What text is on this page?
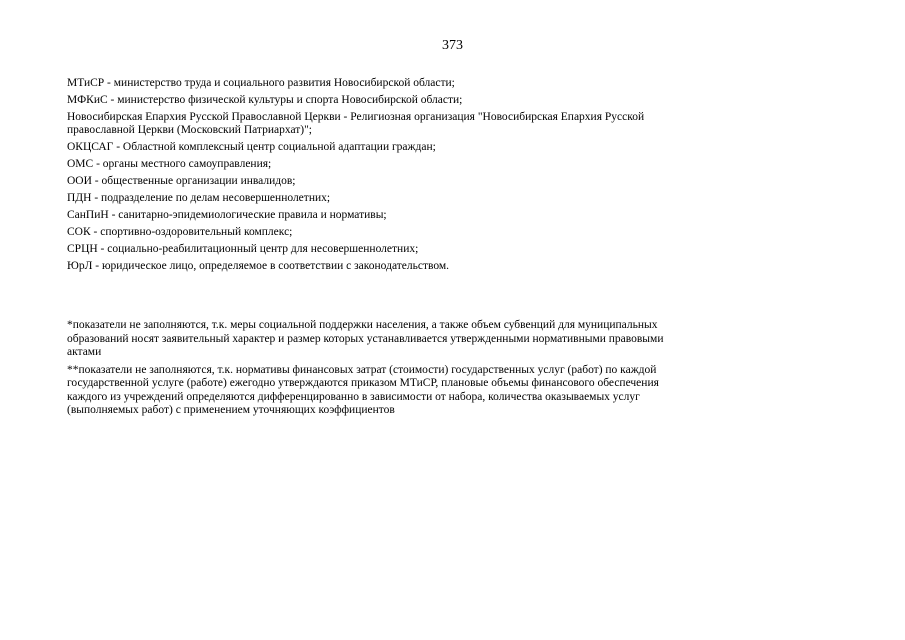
373
МТиСР - министерство труда и социального развития Новосибирской области;
МФКиС - министерство физической культуры и спорта Новосибирской области;
Новосибирская Епархия Русской Православной Церкви - Религиозная организация "Новосибирская Епархия Русской православной Церкви (Московский Патриархат)";
ОКЦСАГ - Областной комплексный центр социальной адаптации граждан;
ОМС - органы местного самоуправления;
ООИ - общественные организации инвалидов;
ПДН - подразделение по делам несовершеннолетних;
СанПиН - санитарно-эпидемиологические правила и нормативы;
СОК - спортивно-оздоровительный комплекс;
СРЦН - социально-реабилитационный центр для несовершеннолетних;
ЮрЛ - юридическое лицо, определяемое в соответствии с законодательством.

*показатели не заполняются, т.к. меры социальной поддержки населения, а также объем субвенций для муниципальных образований носят заявительный характер и размер которых устанавливается утвержденными нормативными правовыми актами

**показатели не заполняются, т.к. нормативы финансовых затрат (стоимости) государственных услуг (работ) по каждой государственной услуге (работе) ежегодно утверждаются приказом МТиСР, плановые объемы финансового обеспечения каждого из учреждений определяются дифференцированно в зависимости от набора, количества оказываемых услуг (выполняемых работ) с применением уточняющих коэффициентов
